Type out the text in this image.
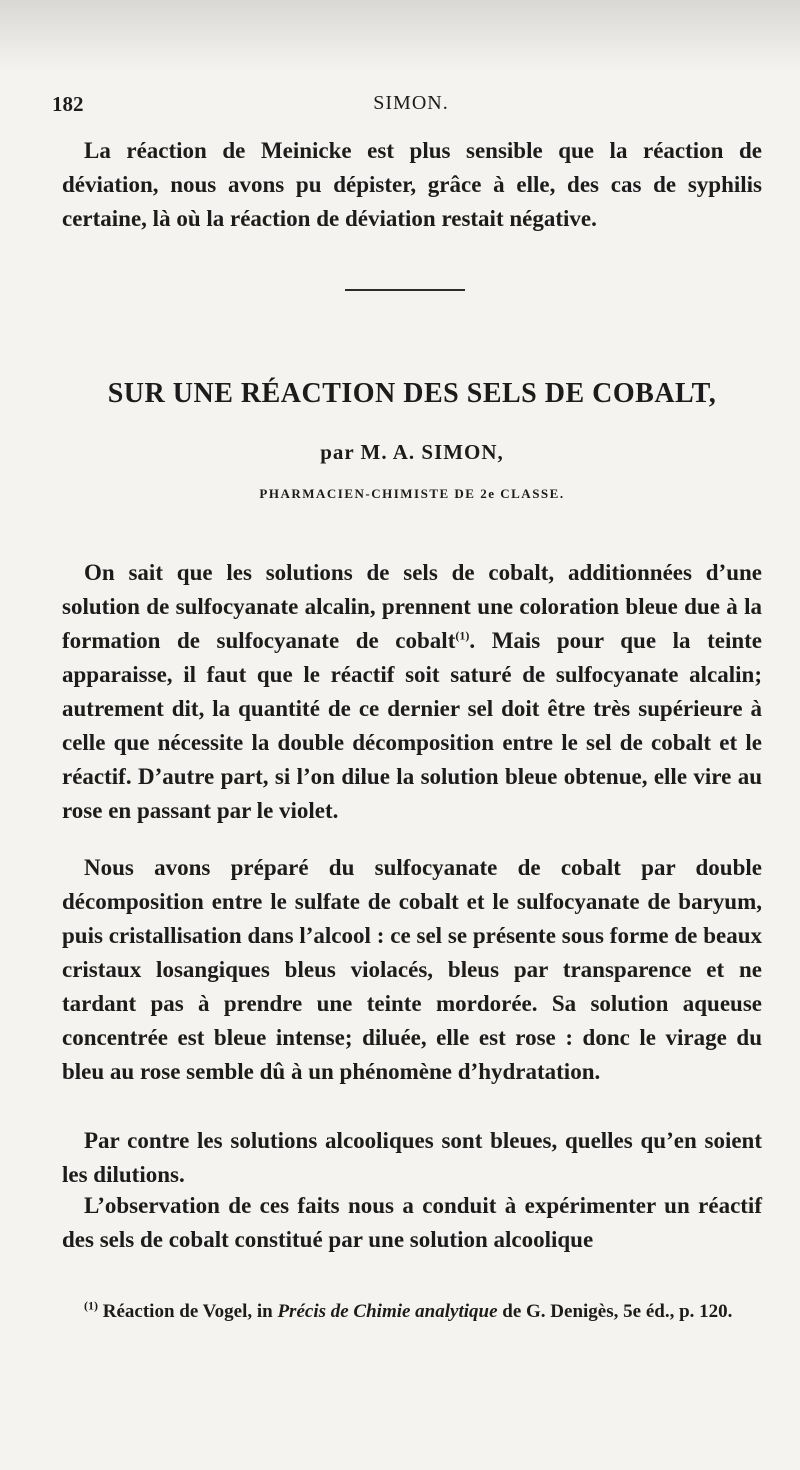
182	SIMON.

La réaction de Meinicke est plus sensible que la réaction de déviation, nous avons pu dépister, grâce à elle, des cas de syphilis certaine, là où la réaction de déviation restait négative.

SUR UNE RÉACTION DES SELS DE COBALT,

par M. A. SIMON,

PHARMACIEN-CHIMISTE DE 2e CLASSE.

On sait que les solutions de sels de cobalt, additionnées d’une solution de sulfocyanate alcalin, prennent une coloration bleue due à la formation de sulfocyanate de cobalt$^{(1)}$. Mais pour que la teinte apparaisse, il faut que le réactif soit saturé de sulfocyanate alcalin; autrement dit, la quantité de ce dernier sel doit être très supérieure à celle que nécessite la double décomposition entre le sel de cobalt et le réactif. D’autre part, si l’on dilue la solution bleue obtenue, elle vire au rose en passant par le violet.

Nous avons préparé du sulfocyanate de cobalt par double décomposition entre le sulfate de cobalt et le sulfocyanate de baryum, puis cristallisation dans l’alcool : ce sel se présente sous forme de beaux cristaux losangiques bleus violacés, bleus par transparence et ne tardant pas à prendre une teinte mordorée. Sa solution aqueuse concentrée est bleue intense; diluée, elle est rose : donc le virage du bleu au rose semble dû à un phénomène d’hydratation.

Par contre les solutions alcooliques sont bleues, quelles qu’en soient les dilutions.

L’observation de ces faits nous a conduit à expérimenter un réactif des sels de cobalt constitué par une solution alcoolique

$^{(1)}$ Réaction de Vogel, in Précis de Chimie analytique de G. Denigès, 5e éd., p. 120.
